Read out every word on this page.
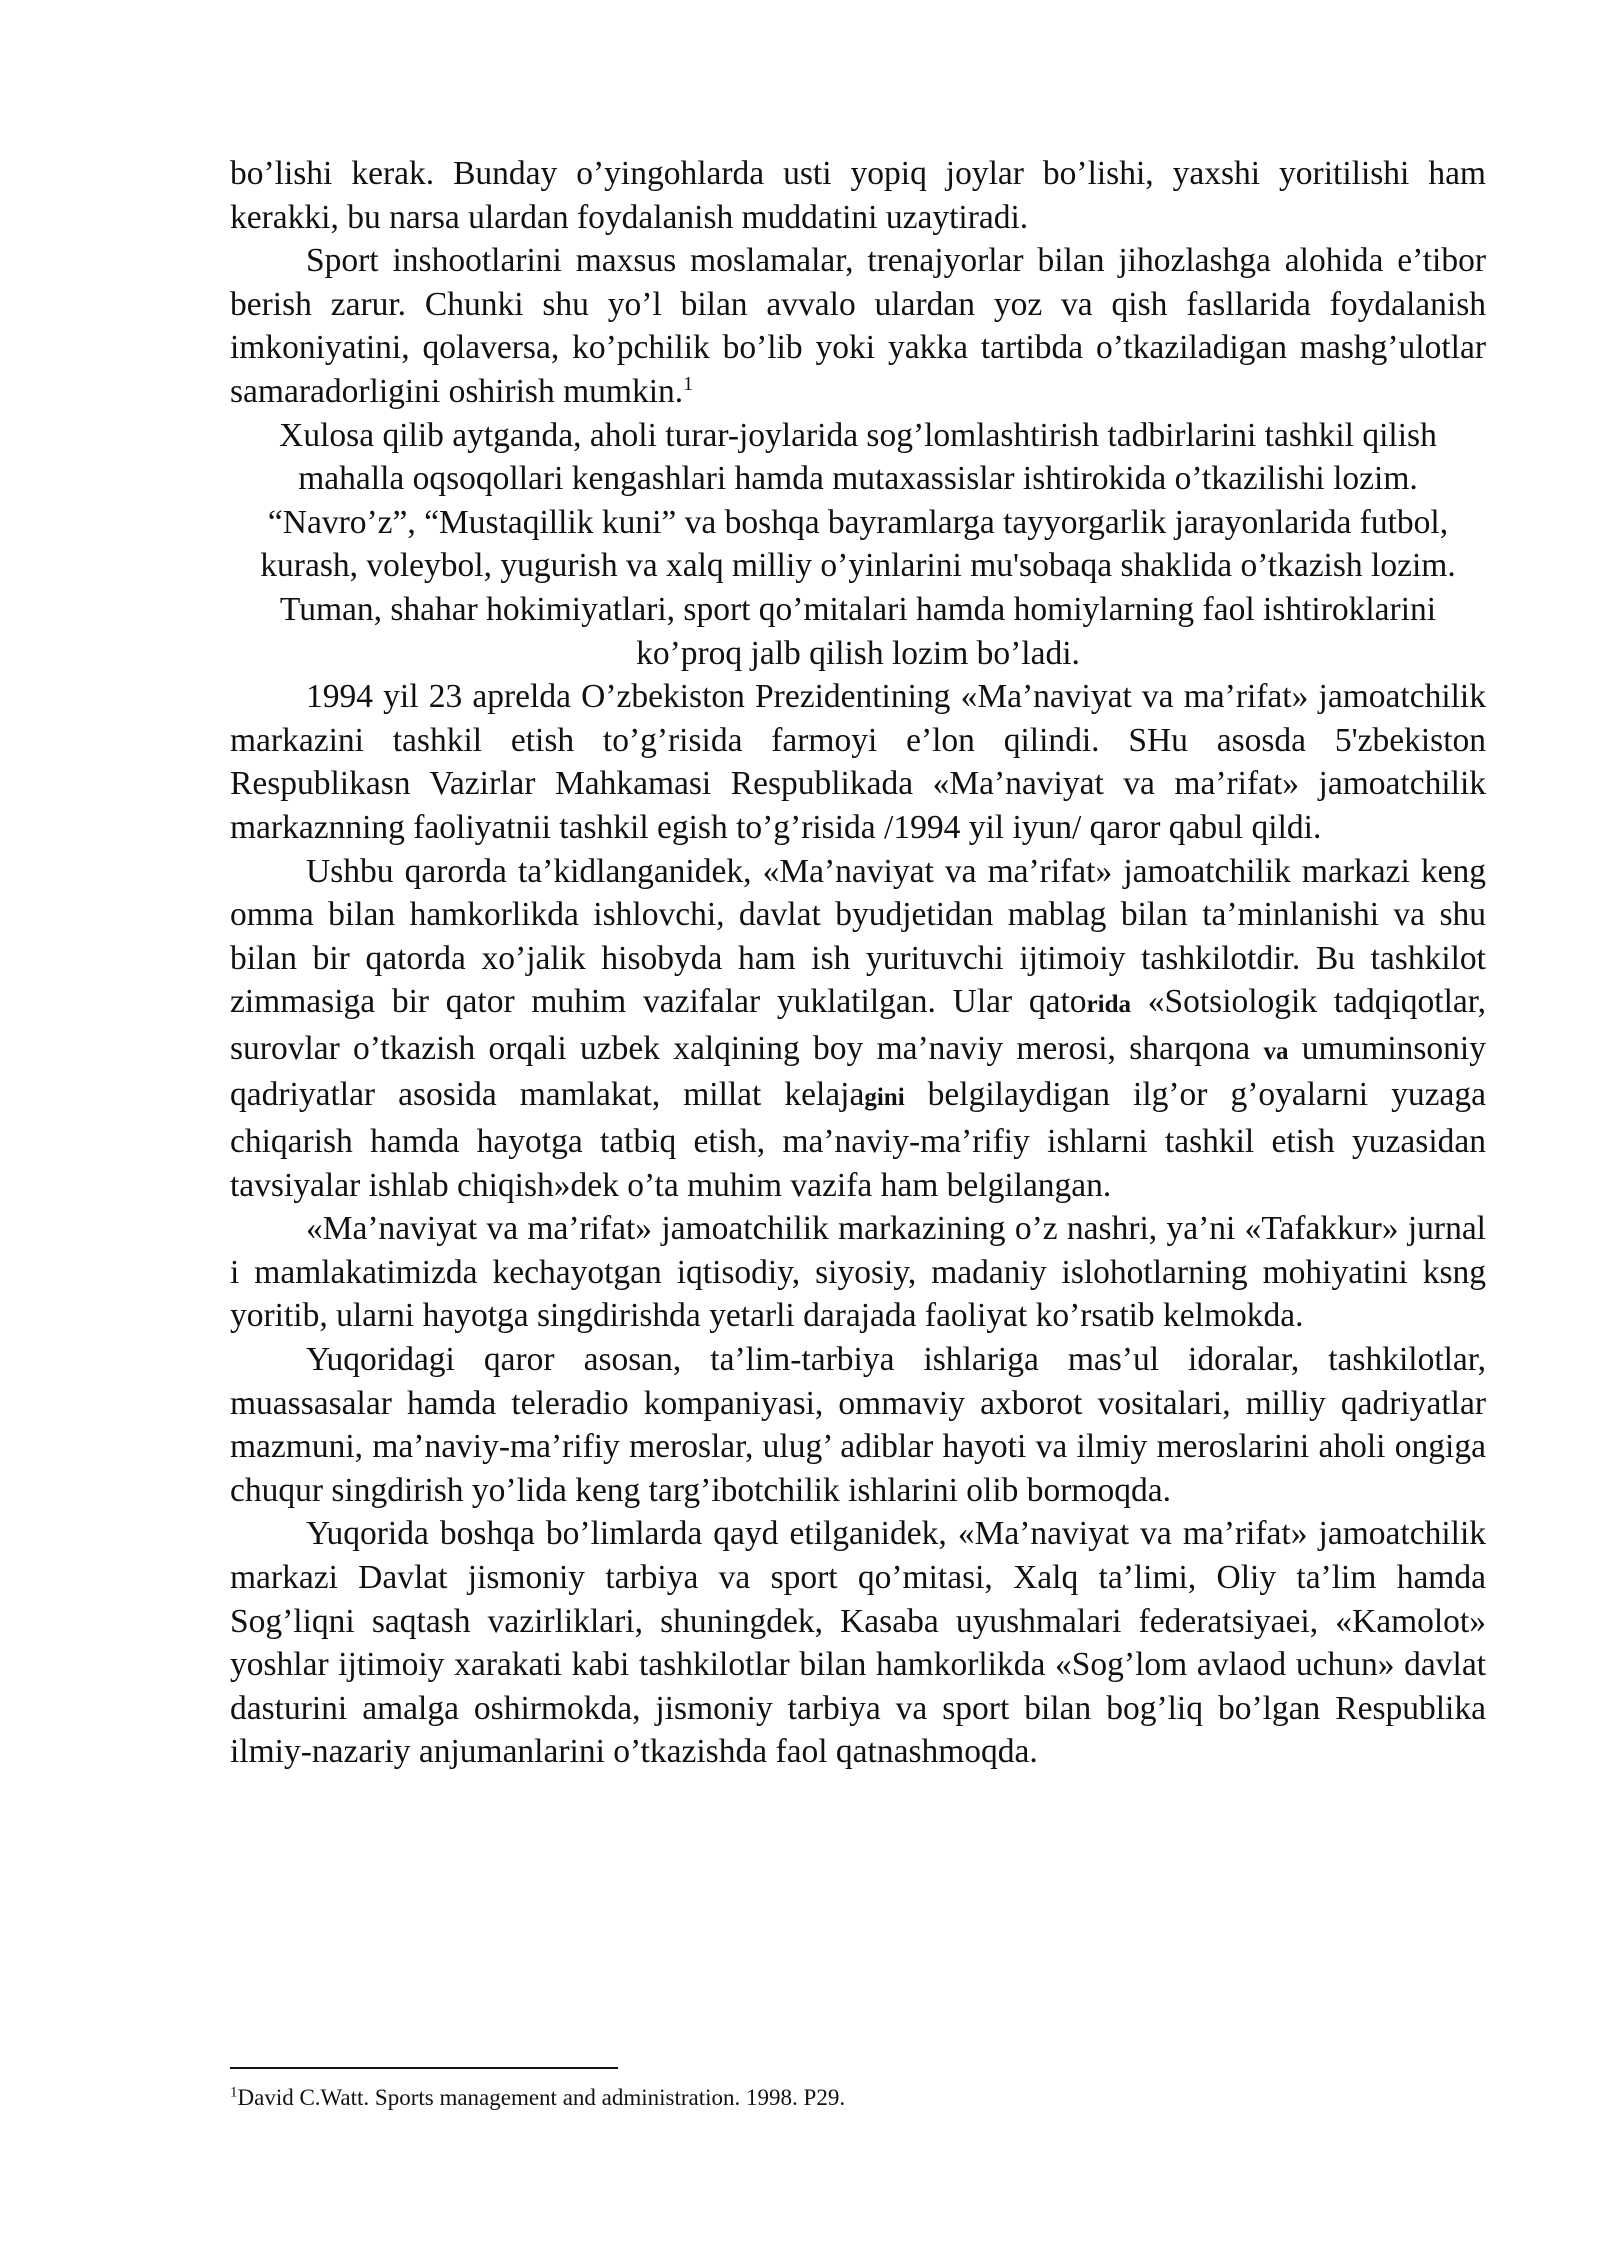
bo’lishi kerak. Bunday o’yingohlarda usti yopiq joylar bo’lishi, yaxshi yoritilishi ham kerakki, bu narsa ulardan foydalanish muddatini uzaytiradi.

Sport inshootlarini maxsus moslamalar, trenajyorlar bilan jihozlashga alohida e’tibor berish zarur. Chunki shu yo’l bilan avvalo ulardan yoz va qish fasllarida foydalanish imkoniyatini, qolaversa, ko’pchilik bo’lib yoki yakka tartibda o’tkaziladigan mashg’ulotlar samaradorligini oshirish mumkin.$^1$

Xulosa qilib aytganda, aholi turar-joylarida sog’lomlashtirish tadbirlarini tashkil qilish mahalla oqsoqollari kengashlari hamda mutaxassislar ishtirokida o’tkazilishi lozim. “Navro’z”, “Mustaqillik kuni” va boshqa bayramlarga tayyorgarlik jarayonlarida futbol, kurash, voleybol, yugurish va xalq milliy o’yinlarini mu'sobaqa shaklida o’tkazish lozim. Tuman, shahar hokimiyatlari, sport qo’mitalari hamda homiylarning faol ishtiroklarini ko’proq jalb qilish lozim bo’ladi.

1994 yil 23 aprelda O’zbekiston Prezidentining «Ma’naviyat va ma’rifat» jamoatchilik markazini tashkil etish to’g’risida farmoyi e’lon qilindi. SHu asosda 5'zbekiston Respublikasn Vazirlar Mahkamasi Respublikada «Ma’naviyat va ma’rifat» jamoatchilik markaznning faoliyatnii tashkil egish to’g’risida /1994 yil iyun/ qaror qabul qildi.

Ushbu qarorda ta’kidlanganidek, «Ma’naviyat va ma’rifat» jamoatchilik markazi keng omma bilan hamkorlikda ishlovchi, davlat byudjetidan mablag bilan ta’minlanishi va shu bilan bir qatorda xo’jalik hisobyda ham ish yurituvchi ijtimoiy tashkilotdir. Bu tashkilot zimmasiga bir qator muhim vazifalar yuklatilgan. Ular qatorida «Sotsiologik tadqiqotlar, surovlar o’tkazish orqali uzbek xalqining boy ma’naviy merosi, sharqona va umuminsoniy qadriyatlar asosida mamlakat, millat kelajagini belgilaydigan ilg’or g’oyalarni yuzaga chiqarish hamda hayotga tatbiq etish, ma’naviy-ma’rifiy ishlarni tashkil etish yuzasidan tavsiyalar ishlab chiqish»dek o’ta muhim vazifa ham belgilangan.

«Ma’naviyat va ma’rifat» jamoatchilik markazining o’z nashri, ya’ni «Tafakkur» jurnal i mamlakatimizda kechayotgan iqtisodiy, siyosiy, madaniy islohotlarning mohiyatini ksng yoritib, ularni hayotga singdirishda yetarli darajada faoliyat ko’rsatib kelmokda.

Yuqoridagi qaror asosan, ta’lim-tarbiya ishlariga mas’ul idoralar, tashkilotlar, muassasalar hamda teleradio kompaniyasi, ommaviy axborot vositalari, milliy qadriyatlar mazmuni, ma’naviy-ma’rifiy meroslar, ulug’ adiblar hayoti va ilmiy meroslarini aholi ongiga chuqur singdirish yo’lida keng targ’ibotchilik ishlarini olib bormoqda.

Yuqorida boshqa bo’limlarda qayd etilganidek, «Ma’naviyat va ma’rifat» jamoatchilik markazi Davlat jismoniy tarbiya va sport qo’mitasi, Xalq ta’limi, Oliy ta’lim hamda Sog’liqni saqtash vazirliklari, shuningdek, Kasaba uyushmalari federatsiyaei, «Kamolot» yoshlar ijtimoiy xarakati kabi tashkilotlar bilan hamkorlikda «Sog’lom avlaod uchun» davlat dasturini amalga oshirmokda, jismoniy tarbiya va sport bilan bog’liq bo’lgan Respublika ilmiy-nazariy anjumanlarini o’tkazishda faol qatnashmoqda.

$^1$David C.Watt. Sports management and administration. 1998. P29.
